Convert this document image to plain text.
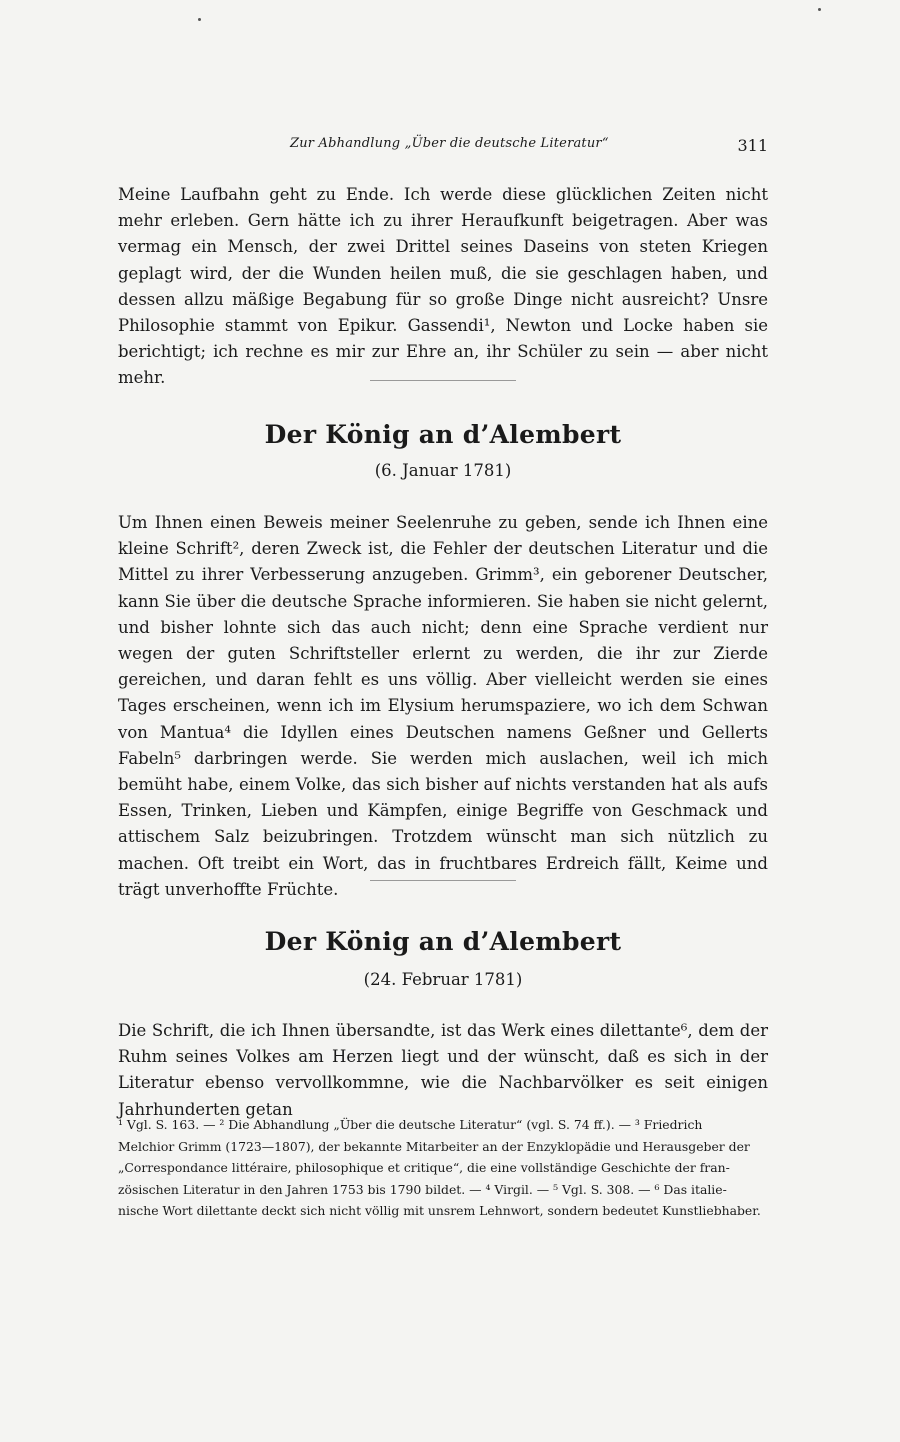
Zur Abhandlung „Über die deutsche Literatur“	311

Meine Laufbahn geht zu Ende. Ich werde diese glücklichen Zeiten nicht mehr erleben. Gern hätte ich zu ihrer Heraufkunft beigetragen. Aber was vermag ein Mensch, der zwei Drittel seines Daseins von steten Kriegen geplagt wird, der die Wunden heilen muß, die sie geschlagen haben, und dessen allzu mäßige Begabung für so große Dinge nicht ausreicht? Unsre Philosophie stammt von Epikur. Gassendi¹, Newton und Locke haben sie berichtigt; ich rechne es mir zur Ehre an, ihr Schüler zu sein — aber nicht mehr.

Der König an d’Alembert
(6. Januar 1781)

Um Ihnen einen Beweis meiner Seelenruhe zu geben, sende ich Ihnen eine kleine Schrift², deren Zweck ist, die Fehler der deutschen Literatur und die Mittel zu ihrer Verbesserung anzugeben. Grimm³, ein geborener Deutscher, kann Sie über die deutsche Sprache informieren. Sie haben sie nicht gelernt, und bisher lohnte sich das auch nicht; denn eine Sprache verdient nur wegen der guten Schriftsteller erlernt zu werden, die ihr zur Zierde gereichen, und daran fehlt es uns völlig. Aber vielleicht werden sie eines Tages erscheinen, wenn ich im Elysium herumspaziere, wo ich dem Schwan von Mantua⁴ die Idyllen eines Deutschen namens Geßner und Gellerts Fabeln⁵ darbringen werde. Sie werden mich auslachen, weil ich mich bemüht habe, einem Volke, das sich bisher auf nichts verstanden hat als aufs Essen, Trinken, Lieben und Kämpfen, einige Begriffe von Geschmack und attischem Salz beizubringen. Trotzdem wünscht man sich nützlich zu machen. Oft treibt ein Wort, das in fruchtbares Erdreich fällt, Keime und trägt unverhoffte Früchte.

Der König an d’Alembert
(24. Februar 1781)

Die Schrift, die ich Ihnen übersandte, ist das Werk eines dilettante⁶, dem der Ruhm seines Volkes am Herzen liegt und der wünscht, daß es sich in der Literatur ebenso vervollkommne, wie die Nachbarvölker es seit einigen Jahrhunderten getan

¹ Vgl. S. 163. — ² Die Abhandlung „Über die deutsche Literatur“ (vgl. S. 74 ff.). — ³ Friedrich
Melchior Grimm (1723—1807), der bekannte Mitarbeiter an der Enzyklopädie und Herausgeber der
„Correspondance littéraire, philosophique et critique“, die eine vollständige Geschichte der fran-
zösischen Literatur in den Jahren 1753 bis 1790 bildet. — ⁴ Virgil. — ⁵ Vgl. S. 308. — ⁶ Das italie-
nische Wort dilettante deckt sich nicht völlig mit unsrem Lehnwort, sondern bedeutet Kunstliebhaber.
